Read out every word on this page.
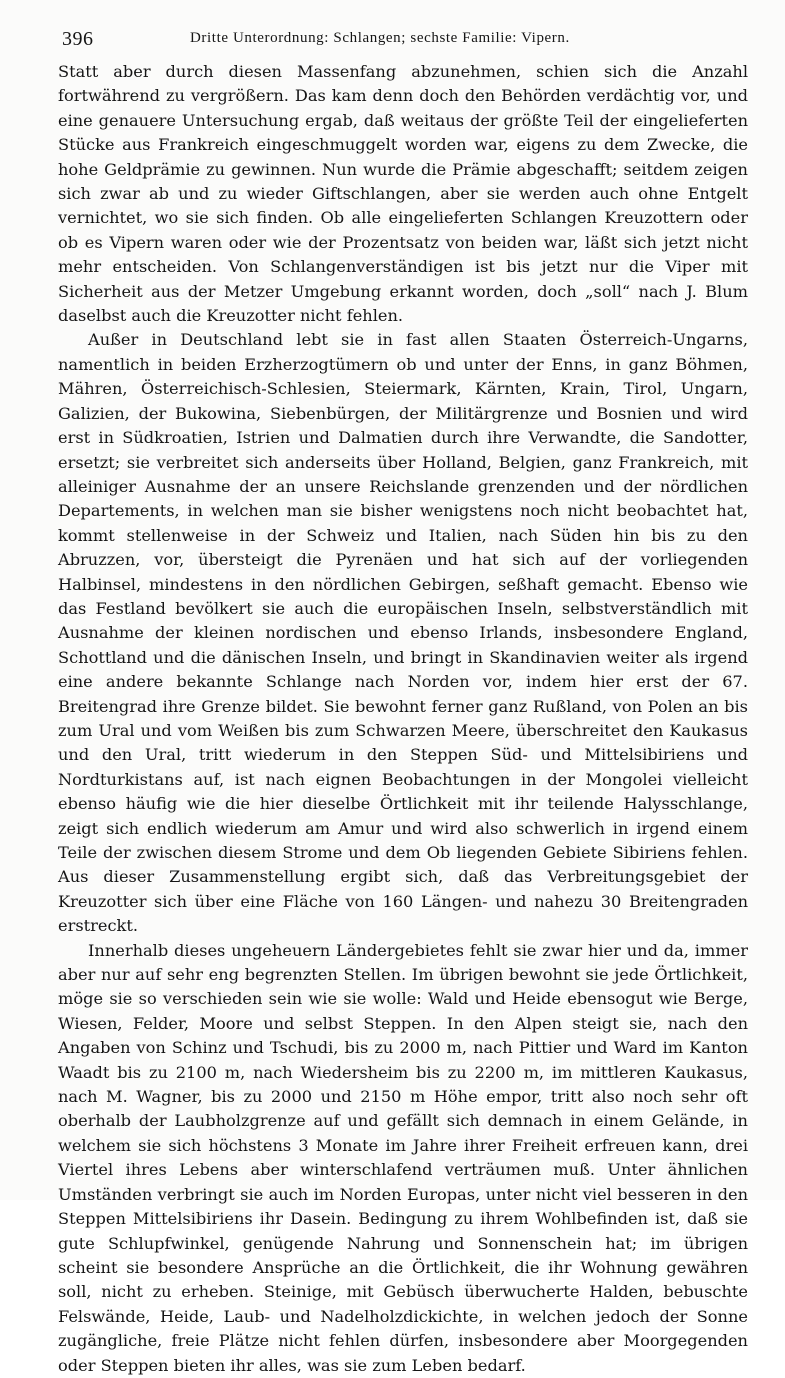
396	Dritte Unterordnung: Schlangen; sechste Familie: Vipern.

Statt aber durch diesen Massenfang abzunehmen, schien sich die Anzahl fortwährend zu vergrößern. Das kam denn doch den Behörden verdächtig vor, und eine genauere Untersuchung ergab, daß weitaus der größte Teil der eingelieferten Stücke aus Frankreich eingeschmuggelt worden war, eigens zu dem Zwecke, die hohe Geldprämie zu gewinnen. Nun wurde die Prämie abgeschafft; seitdem zeigen sich zwar ab und zu wieder Giftschlangen, aber sie werden auch ohne Entgelt vernichtet, wo sie sich finden. Ob alle eingelieferten Schlangen Kreuzottern oder ob es Vipern waren oder wie der Prozentsatz von beiden war, läßt sich jetzt nicht mehr entscheiden. Von Schlangenverständigen ist bis jetzt nur die Viper mit Sicherheit aus der Metzer Umgebung erkannt worden, doch „soll“ nach J. Blum daselbst auch die Kreuzotter nicht fehlen.

Außer in Deutschland lebt sie in fast allen Staaten Österreich-Ungarns, namentlich in beiden Erzherzogtümern ob und unter der Enns, in ganz Böhmen, Mähren, Österreichisch-Schlesien, Steiermark, Kärnten, Krain, Tirol, Ungarn, Galizien, der Bukowina, Siebenbürgen, der Militärgrenze und Bosnien und wird erst in Südkroatien, Istrien und Dalmatien durch ihre Verwandte, die Sandotter, ersetzt; sie verbreitet sich anderseits über Holland, Belgien, ganz Frankreich, mit alleiniger Ausnahme der an unsere Reichslande grenzenden und der nördlichen Departements, in welchen man sie bisher wenigstens noch nicht beobachtet hat, kommt stellenweise in der Schweiz und Italien, nach Süden hin bis zu den Abruzzen, vor, übersteigt die Pyrenäen und hat sich auf der vorliegenden Halbinsel, mindestens in den nördlichen Gebirgen, seßhaft gemacht. Ebenso wie das Festland bevölkert sie auch die europäischen Inseln, selbstverständlich mit Ausnahme der kleinen nordischen und ebenso Irlands, insbesondere England, Schottland und die dänischen Inseln, und bringt in Skandinavien weiter als irgend eine andere bekannte Schlange nach Norden vor, indem hier erst der 67. Breitengrad ihre Grenze bildet. Sie bewohnt ferner ganz Rußland, von Polen an bis zum Ural und vom Weißen bis zum Schwarzen Meere, überschreitet den Kaukasus und den Ural, tritt wiederum in den Steppen Süd- und Mittelsibiriens und Nordturkistans auf, ist nach eignen Beobachtungen in der Mongolei vielleicht ebenso häufig wie die hier dieselbe Örtlichkeit mit ihr teilende Halysschlange, zeigt sich endlich wiederum am Amur und wird also schwerlich in irgend einem Teile der zwischen diesem Strome und dem Ob liegenden Gebiete Sibiriens fehlen. Aus dieser Zusammenstellung ergibt sich, daß das Verbreitungsgebiet der Kreuzotter sich über eine Fläche von 160 Längen- und nahezu 30 Breitengraden erstreckt.

Innerhalb dieses ungeheuern Ländergebietes fehlt sie zwar hier und da, immer aber nur auf sehr eng begrenzten Stellen. Im übrigen bewohnt sie jede Örtlichkeit, möge sie so verschieden sein wie sie wolle: Wald und Heide ebensogut wie Berge, Wiesen, Felder, Moore und selbst Steppen. In den Alpen steigt sie, nach den Angaben von Schinz und Tschudi, bis zu 2000 m, nach Pittier und Ward im Kanton Waadt bis zu 2100 m, nach Wiedersheim bis zu 2200 m, im mittleren Kaukasus, nach M. Wagner, bis zu 2000 und 2150 m Höhe empor, tritt also noch sehr oft oberhalb der Laubholzgrenze auf und gefällt sich demnach in einem Gelände, in welchem sie sich höchstens 3 Monate im Jahre ihrer Freiheit erfreuen kann, drei Viertel ihres Lebens aber winterschlafend verträumen muß. Unter ähnlichen Umständen verbringt sie auch im Norden Europas, unter nicht viel besseren in den Steppen Mittelsibiriens ihr Dasein. Bedingung zu ihrem Wohlbefinden ist, daß sie gute Schlupfwinkel, genügende Nahrung und Sonnenschein hat; im übrigen scheint sie besondere Ansprüche an die Örtlichkeit, die ihr Wohnung gewähren soll, nicht zu erheben. Steinige, mit Gebüsch überwucherte Halden, bebuschte Felswände, Heide, Laub- und Nadelholzdickichte, in welchen jedoch der Sonne zugängliche, freie Plätze nicht fehlen dürfen, insbesondere aber Moorgegenden oder Steppen bieten ihr alles, was sie zum Leben bedarf.
